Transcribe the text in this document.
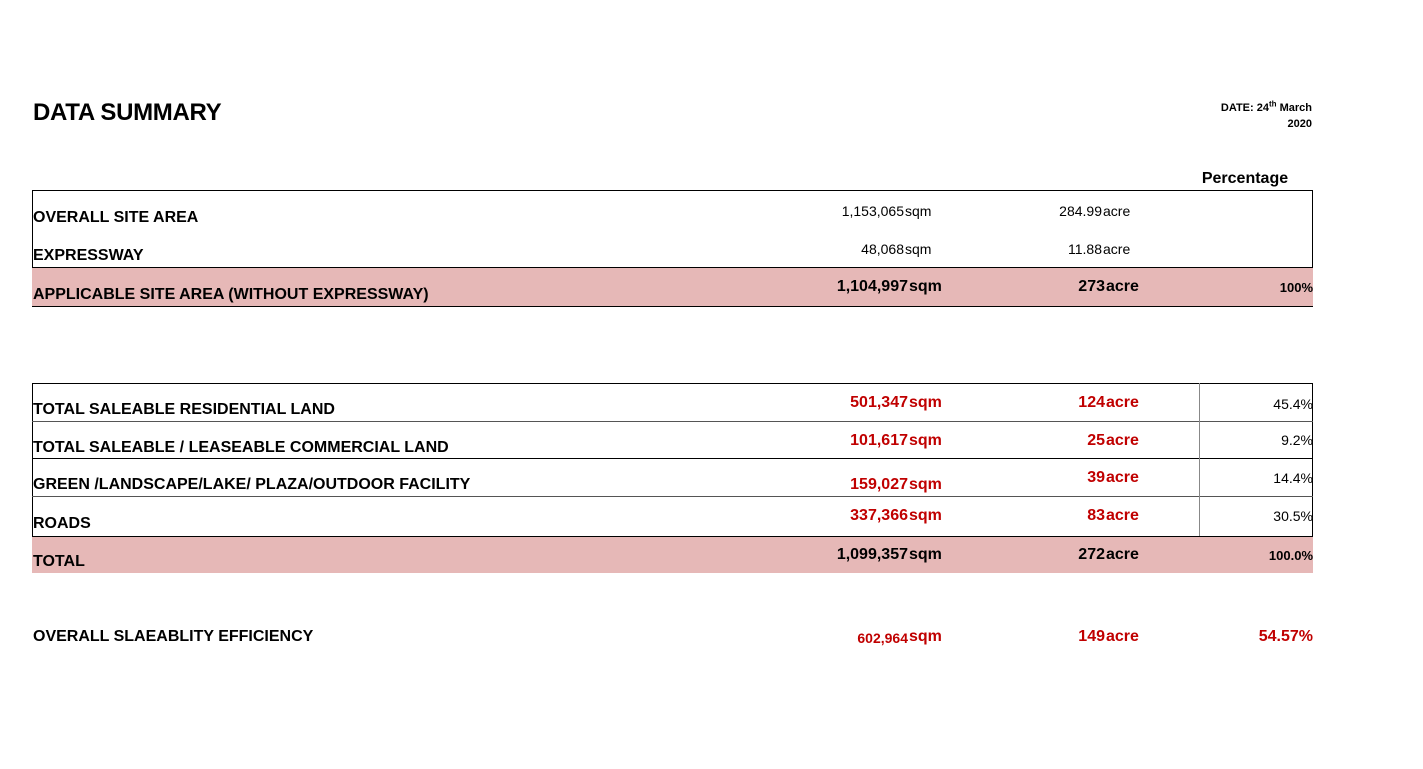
DATA SUMMARY	DATE: 24th March
2020
Percentage
OVERALL SITE AREA	1,153,065 sqm	284.99 acre
EXPRESSWAY	48,068 sqm	11.88 acre
APPLICABLE SITE AREA (WITHOUT EXPRESSWAY)	1,104,997 sqm	273 acre	100%
TOTAL SALEABLE RESIDENTIAL LAND	501,347 sqm	124 acre	45.4%
TOTAL SALEABLE / LEASEABLE COMMERCIAL LAND	101,617 sqm	25 acre	9.2%
GREEN /LANDSCAPE/LAKE/ PLAZA/OUTDOOR FACILITY	159,027 sqm	39 acre	14.4%
ROADS	337,366 sqm	83 acre	30.5%
TOTAL	1,099,357 sqm	272 acre	100.0%
OVERALL SLAEABLITY EFFICIENCY	602,964 sqm	149 acre	54.57%
